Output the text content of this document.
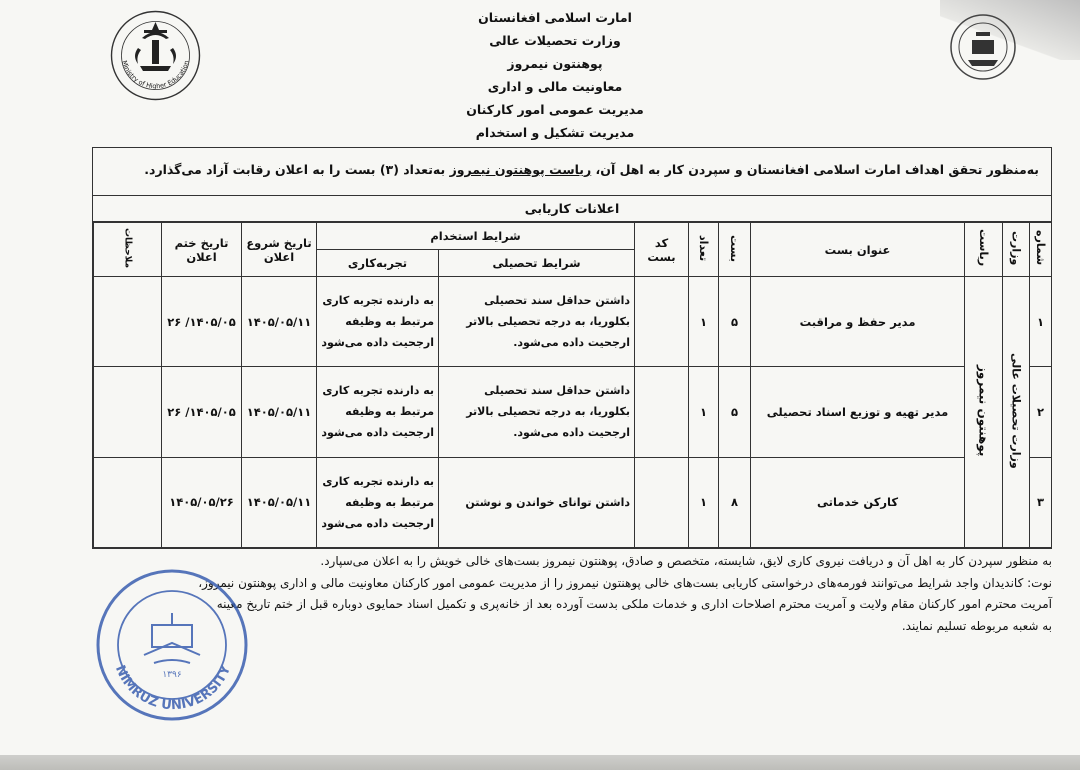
Ministry of Higher Education
امارت اسلامی افغانستان
وزارت تحصیلات عالی
پوهنتون نیمروز
معاونیت مالی و اداری
مدیریت عمومی امور کارکنان
مدیریت تشکیل و استخدام
به‌منظور تحقق اهداف امارت اسلامی افغانستان و سپردن کار به اهل آن، ریاست پوهنتون نیمروز به‌تعداد (۳) بست را به اعلان رقابت آزاد می‌گذارد.
اعلانات کاریابی
شماره	وزارت	ریاست	عنوان بست	بست	تعداد	کد بست	شرایط استخدام		تاریخ شروع اعلان	تاریخ ختم اعلان	ملاحظات
							شرایط تحصیلی	تجربه‌کاری			
۱	وزارت تحصیلات عالی	پوهنتون نیمروز	مدیر حفظ و مراقبت	۵	۱		داشتن حداقل سند تحصیلی بکلوریا، به درجه تحصیلی بالاتر ارجحیت داده می‌شود.	به دارنده تجربه کاری مرتبط به وظیفه ارجحیت داده می‌شود	۱۴۰۵/۰۵/۱۱	۱۴۰۵/۰۵/ ۲۶	
۲			مدیر تهیه و توزیع اسناد تحصیلی	۵	۱		داشتن حداقل سند تحصیلی بکلوریا، به درجه تحصیلی بالاتر ارجحیت داده می‌شود.	به دارنده تجربه کاری مرتبط به وظیفه ارجحیت داده می‌شود	۱۴۰۵/۰۵/۱۱	۱۴۰۵/۰۵/ ۲۶	
۳			کارکن خدماتی	۸	۱		داشتن توانای خواندن و نوشتن	به دارنده تجربه کاری مرتبط به وظیفه ارجحیت داده می‌شود	۱۴۰۵/۰۵/۱۱	۱۴۰۵/۰۵/۲۶	
به منظور سپردن کار به اهل آن و دریافت نیروی کاری لایق، شایسته، متخصص و صادق، پوهنتون نیمروز بست‌های خالی خویش را به اعلان می‌سپارد.
نوت: کاندیدان واجد شرایط می‌توانند فورمه‌های درخواستی کاریابی بست‌های خالی پوهنتون نیمروز را از مدیریت عمومی امور کارکنان معاونیت مالی و اداری پوهنتون نیمروز،
آمریت محترم امور کارکنان مقام ولایت و آمریت محترم اصلاحات اداری و خدمات ملکی بدست آورده بعد از خانه‌پری و تکمیل اسناد حمایوی دوباره قبل از ختم تاریخ معینه
به شعبه مربوطه تسلیم نمایند.
۱۳۹۶
NIMRUZ UNIVERSITY
